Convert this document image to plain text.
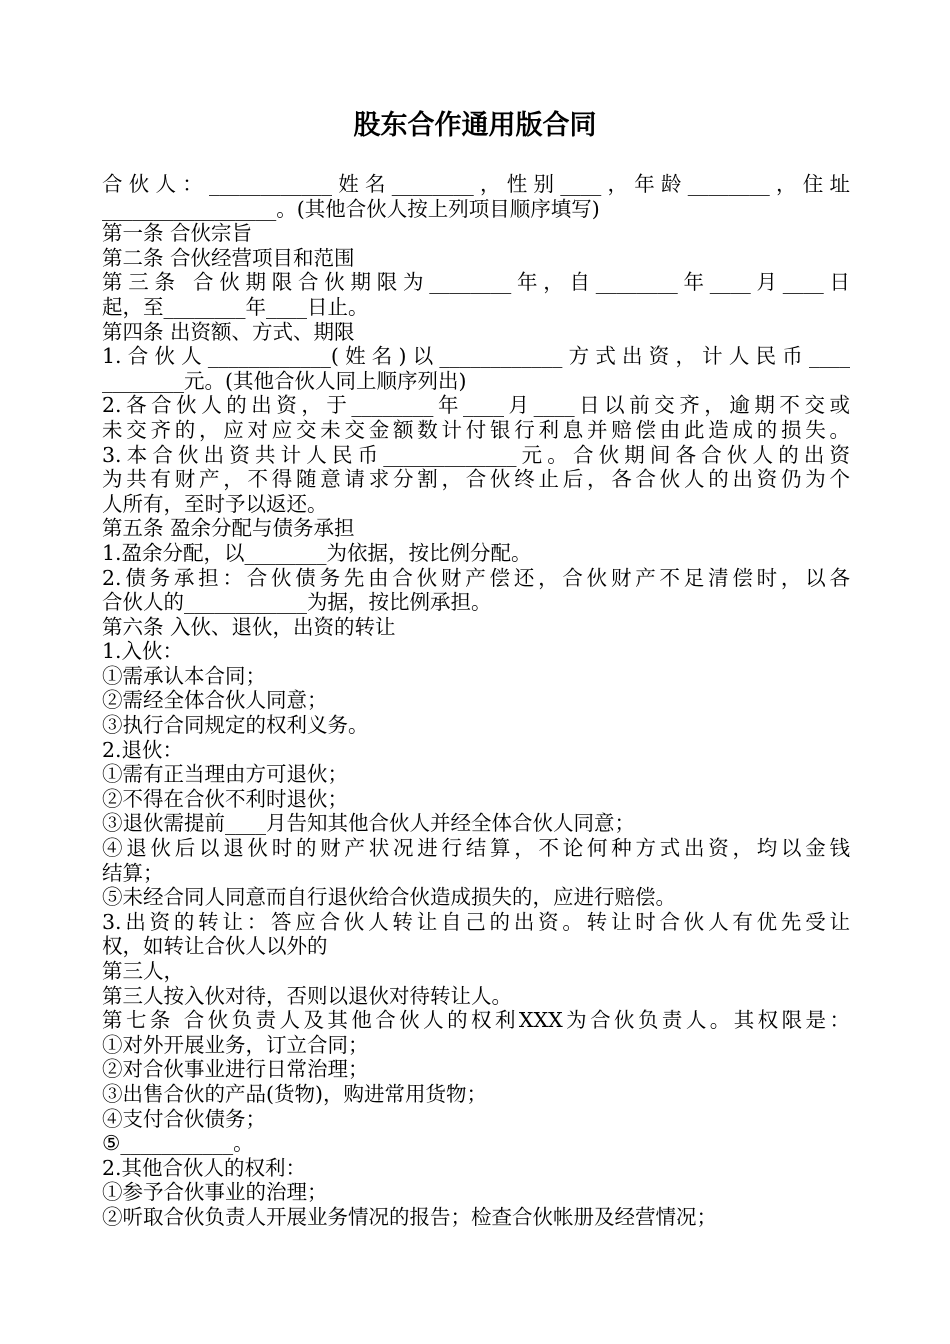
股东合作通用版合同
合伙人：____________姓名________，性别____，年龄________，住址
_________________。(其他合伙人按上列项目顺序填写)
第一条 合伙宗旨
第二条 合伙经营项目和范围
第三条 合伙期限合伙期限为________年，自________年____月____日
起，至________年____日止。
第四条 出资额、方式、期限
1.合伙人____________(姓名)以____________方式出资，计人民币____
________元。(其他合伙人同上顺序列出)
2.各合伙人的出资，于________年____月____日以前交齐，逾期不交或
未交齐的，应对应交未交金额数计付银行利息并赔偿由此造成的损失。
3.本合伙出资共计人民币_____________元。合伙期间各合伙人的出资
为共有财产，不得随意请求分割，合伙终止后，各合伙人的出资仍为个
人所有，至时予以返还。
第五条 盈余分配与债务承担
1.盈余分配，以________为依据，按比例分配。
2.债务承担：合伙债务先由合伙财产偿还，合伙财产不足清偿时，以各
合伙人的____________为据，按比例承担。
第六条 入伙、退伙，出资的转让
1.入伙：
①需承认本合同；
②需经全体合伙人同意；
③执行合同规定的权利义务。
2.退伙：
①需有正当理由方可退伙；
②不得在合伙不利时退伙；
③退伙需提前____月告知其他合伙人并经全体合伙人同意；
④退伙后以退伙时的财产状况进行结算，不论何种方式出资，均以金钱
结算；
⑤未经合同人同意而自行退伙给合伙造成损失的，应进行赔偿。
3.出资的转让：答应合伙人转让自己的出资。转让时合伙人有优先受让
权，如转让合伙人以外的
第三人，
第三人按入伙对待，否则以退伙对待转让人。
第七条 合伙负责人及其他合伙人的权利XXX为合伙负责人。其权限是：
①对外开展业务，订立合同；
②对合伙事业进行日常治理；
③出售合伙的产品(货物)，购进常用货物；
④支付合伙债务；
⑤___________。
2.其他合伙人的权利：
①参予合伙事业的治理；
②听取合伙负责人开展业务情况的报告；检查合伙帐册及经营情况；
